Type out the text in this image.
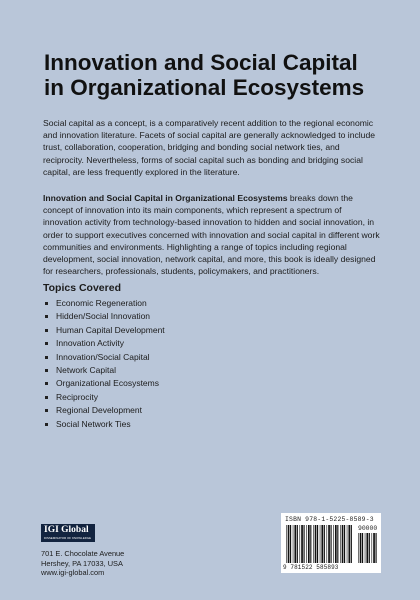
Innovation and Social Capital
in Organizational Ecosystems

Social capital as a concept, is a comparatively recent addition to the regional economic and innovation literature. Facets of social capital are generally acknowledged to include trust, collaboration, cooperation, bridging and bonding social network ties, and reciprocity. Nevertheless, forms of social capital such as bonding and bridging social capital, are less frequently explored in the literature.

Innovation and Social Capital in Organizational Ecosystems breaks down the concept of innovation into its main components, which represent a spectrum of innovation activity from technology-based innovation to hidden and social innovation, in order to support executives concerned with innovation and social capital in different work communities and environments. Highlighting a range of topics including regional development, social innovation, network capital, and more, this book is ideally designed for researchers, professionals, students, policymakers, and practitioners.

Topics Covered
Economic Regeneration
Hidden/Social Innovation
Human Capital Development
Innovation Activity
Innovation/Social Capital
Network Capital
Organizational Ecosystems
Reciprocity
Regional Development
Social Network Ties
IGI Global
DISSEMINATOR OF KNOWLEDGE
701 E. Chocolate Avenue
Hershey, PA 17033, USA
www.igi-global.com
ISBN 978-1-5225-8589-3
90000
9 781522 585893
